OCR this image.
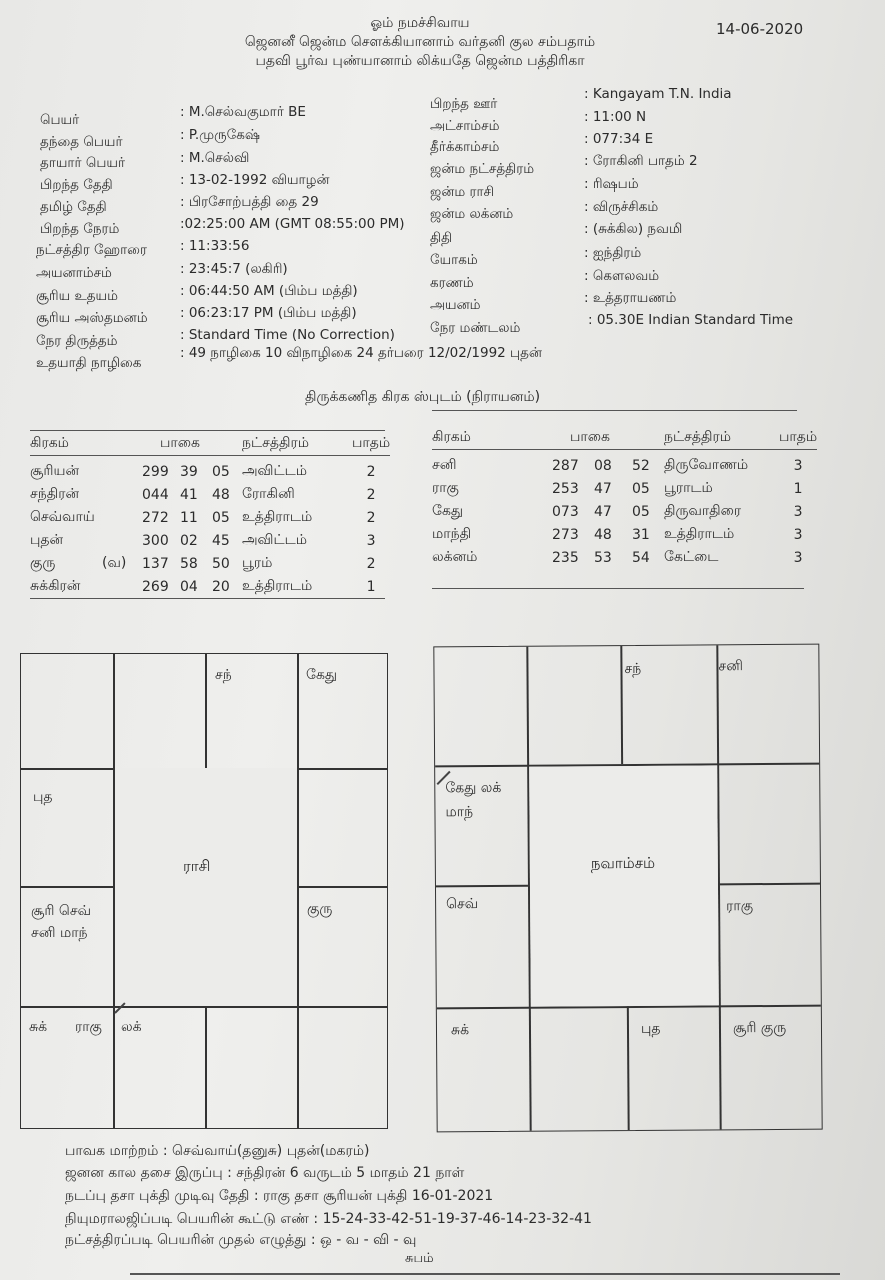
ஓம் நமச்சிவாய
ஜெனனீ ஜென்ம சௌக்கியானாம் வர்தனி குல சம்பதாம்
பதவி பூர்வ புண்யானாம் லிக்யதே ஜென்ம பத்திரிகா
14-06-2020
பெயர்	: M.செல்வகுமார் BE
தந்தை பெயர்	: P.முருகேஷ்
தாயார் பெயர்	: M.செல்வி
பிறந்த தேதி	: 13-02-1992 வியாழன்
தமிழ் தேதி	: பிரசோற்பத்தி தை 29
பிறந்த நேரம்	:02:25:00 AM (GMT 08:55:00 PM)
நட்சத்திர ஹோரை : 11:33:56
அயனாம்சம்	: 23:45:7 (லகிரி)
சூரிய உதயம்	: 06:44:50 AM (பிம்ப மத்தி)
சூரிய அஸ்தமனம் : 06:23:17 PM (பிம்ப மத்தி)
நேர திருத்தம்	: Standard Time (No Correction)
உதயாதி நாழிகை
: 49 நாழிகை 10 விநாழிகை 24 தர்பரை 12/02/1992 புதன்
பிறந்த ஊர்
: Kangayam T.N. India
அட்சாம்சம்
: 11:00 N
தீர்க்காம்சம்	: 077:34 E
ஜன்ம நட்சத்திரம்	: ரோகினி பாதம் 2
ஜன்ம ராசி	: ரிஷபம்
ஜன்ம லக்னம்	: விருச்சிகம்
திதி
: (சுக்கில) நவமி
யோகம்	: ஐந்திரம்
கரணம்	: கௌலவம்
அயனம்	: உத்தராயணம்
நேர மண்டலம்	: 05.30E Indian Standard Time
திருக்கணித கிரக ஸ்புடம் (நிராயனம்)
கிரகம்		பாகை			நட்சத்திரம்	பாதம்

சூரியன்		299	39	05	அவிட்டம்	2
சந்திரன்		044	41	48	ரோகினி	2
செவ்வாய்		272	11	05	உத்திராடம்	2
புதன்		300	02	45	அவிட்டம்	3
குரு	(வ)	137	58	50	பூரம்	2
சுக்கிரன்		269	04	20	உத்திராடம்	1
கிரகம்	பாகை			நட்சத்திரம்	பாதம்

சனி	287	08	52	திருவோணம்	3
ராகு	253	47	05	பூராடம்	1
கேது	073	47	05	திருவாதிரை	3
மாந்தி	273	48	31	உத்திராடம்	3
லக்னம்	235	53	54	கேட்டை	3
சந்	கேது
புத
சூரி செவ்
சனி மாந்
குரு
சுக் ராகு லக்
ராசி
சந்	சனி
கேது லக்
மாந்
செவ்	ராகு
சுக்	புத	சூரி குரு
நவாம்சம்
பாவக மாற்றம் : செவ்வாய்(தனுசு) புதன்(மகரம்)
ஜனன கால தசை இருப்பு : சந்திரன் 6 வருடம் 5 மாதம் 21 நாள்
நடப்பு தசா புக்தி முடிவு தேதி : ராகு தசா சூரியன் புக்தி 16-01-2021
நியுமராலஜிப்படி பெயரின் கூட்டு எண் : 15-24-33-42-51-19-37-46-14-23-32-41
நட்சத்திரப்படி பெயரின் முதல் எழுத்து : ஒ - வ - வி - வு
சுபம்
